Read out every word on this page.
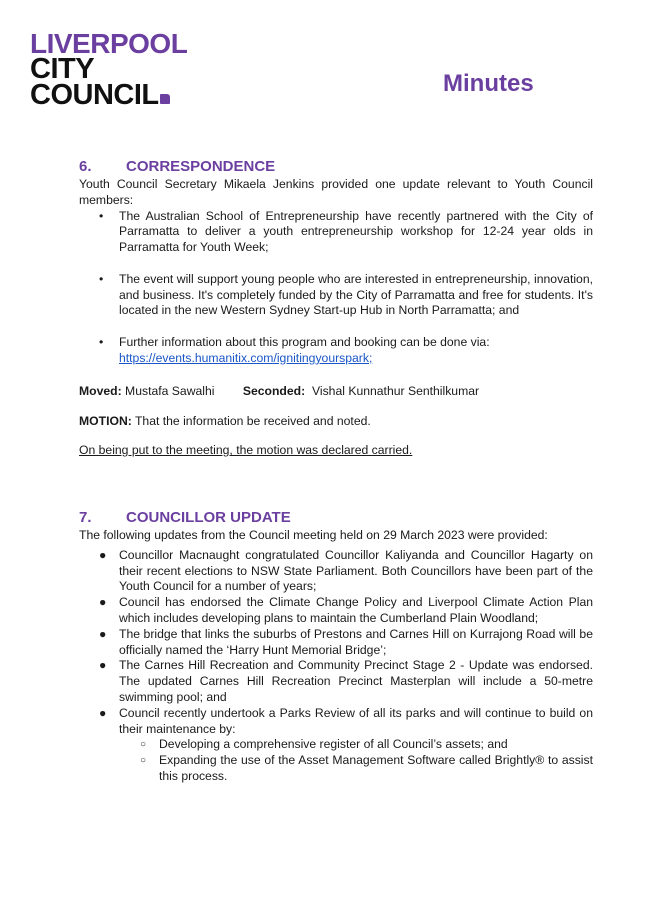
LIVERPOOL
CITY
COUNCIL	Minutes
6.	CORRESPONDENCE

Youth Council Secretary Mikaela Jenkins provided one update relevant to Youth Council members:

• The Australian School of Entrepreneurship have recently partnered with the City of Parramatta to deliver a youth entrepreneurship workshop for 12-24 year olds in Parramatta for Youth Week;
• The event will support young people who are interested in entrepreneurship, innovation, and business. It's completely funded by the City of Parramatta and free for students. It's located in the new Western Sydney Start-up Hub in North Parramatta; and
• Further information about this program and booking can be done via:
https://events.humanitix.com/ignitingyourspark;

Moved: Mustafa Sawalhi Seconded: Vishal Kunnathur Senthilkumar

MOTION: That the information be received and noted.

On being put to the meeting, the motion was declared carried.

7.	COUNCILLOR UPDATE

The following updates from the Council meeting held on 29 March 2023 were provided:

● Councillor Macnaught congratulated Councillor Kaliyanda and Councillor Hagarty on their recent elections to NSW State Parliament. Both Councillors have been part of the Youth Council for a number of years;
● Council has endorsed the Climate Change Policy and Liverpool Climate Action Plan which includes developing plans to maintain the Cumberland Plain Woodland;
● The bridge that links the suburbs of Prestons and Carnes Hill on Kurrajong Road will be officially named the ‘Harry Hunt Memorial Bridge’;
● The Carnes Hill Recreation and Community Precinct Stage 2 - Update was endorsed. The updated Carnes Hill Recreation Precinct Masterplan will include a 50-metre swimming pool; and
● Council recently undertook a Parks Review of all its parks and will continue to build on their maintenance by:
○ Developing a comprehensive register of all Council’s assets; and
○ Expanding the use of the Asset Management Software called Brightly® to assist this process.
